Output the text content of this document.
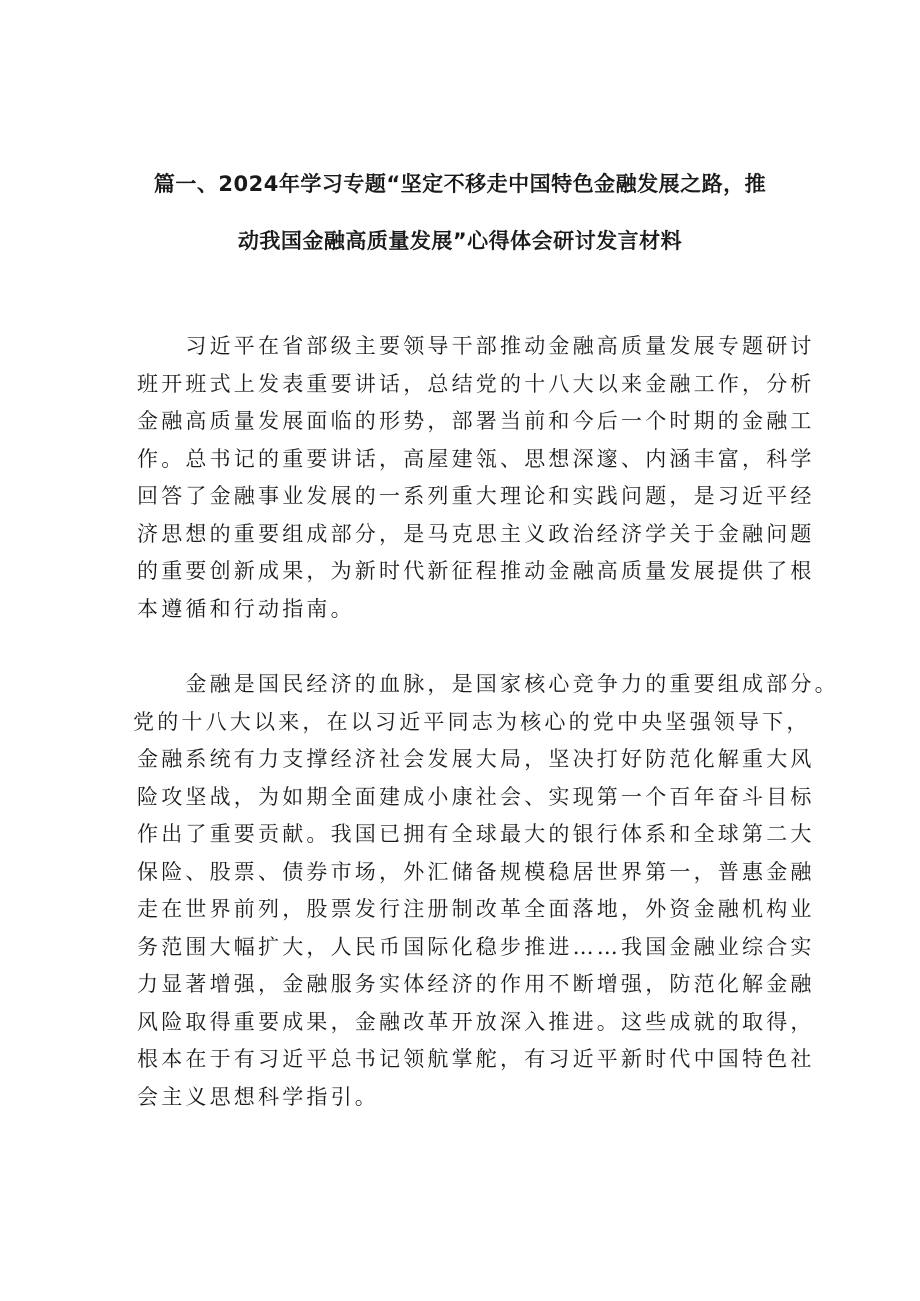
篇一、2024年学习专题“坚定不移走中国特色金融发展之路，推
动我国金融高质量发展”心得体会研讨发言材料
　　习近平在省部级主要领导干部推动金融高质量发展专题研讨
班开班式上发表重要讲话，总结党的十八大以来金融工作，分析
金融高质量发展面临的形势，部署当前和今后一个时期的金融工
作。总书记的重要讲话，高屋建瓴、思想深邃、内涵丰富，科学
回答了金融事业发展的一系列重大理论和实践问题，是习近平经
济思想的重要组成部分，是马克思主义政治经济学关于金融问题
的重要创新成果，为新时代新征程推动金融高质量发展提供了根
本遵循和行动指南。
　　金融是国民经济的血脉，是国家核心竞争力的重要组成部分。
党的十八大以来，在以习近平同志为核心的党中央坚强领导下，
金融系统有力支撑经济社会发展大局，坚决打好防范化解重大风
险攻坚战，为如期全面建成小康社会、实现第一个百年奋斗目标
作出了重要贡献。我国已拥有全球最大的银行体系和全球第二大
保险、股票、债券市场，外汇储备规模稳居世界第一，普惠金融
走在世界前列，股票发行注册制改革全面落地，外资金融机构业
务范围大幅扩大，人民币国际化稳步推进……我国金融业综合实
力显著增强，金融服务实体经济的作用不断增强，防范化解金融
风险取得重要成果，金融改革开放深入推进。这些成就的取得，
根本在于有习近平总书记领航掌舵，有习近平新时代中国特色社
会主义思想科学指引。
